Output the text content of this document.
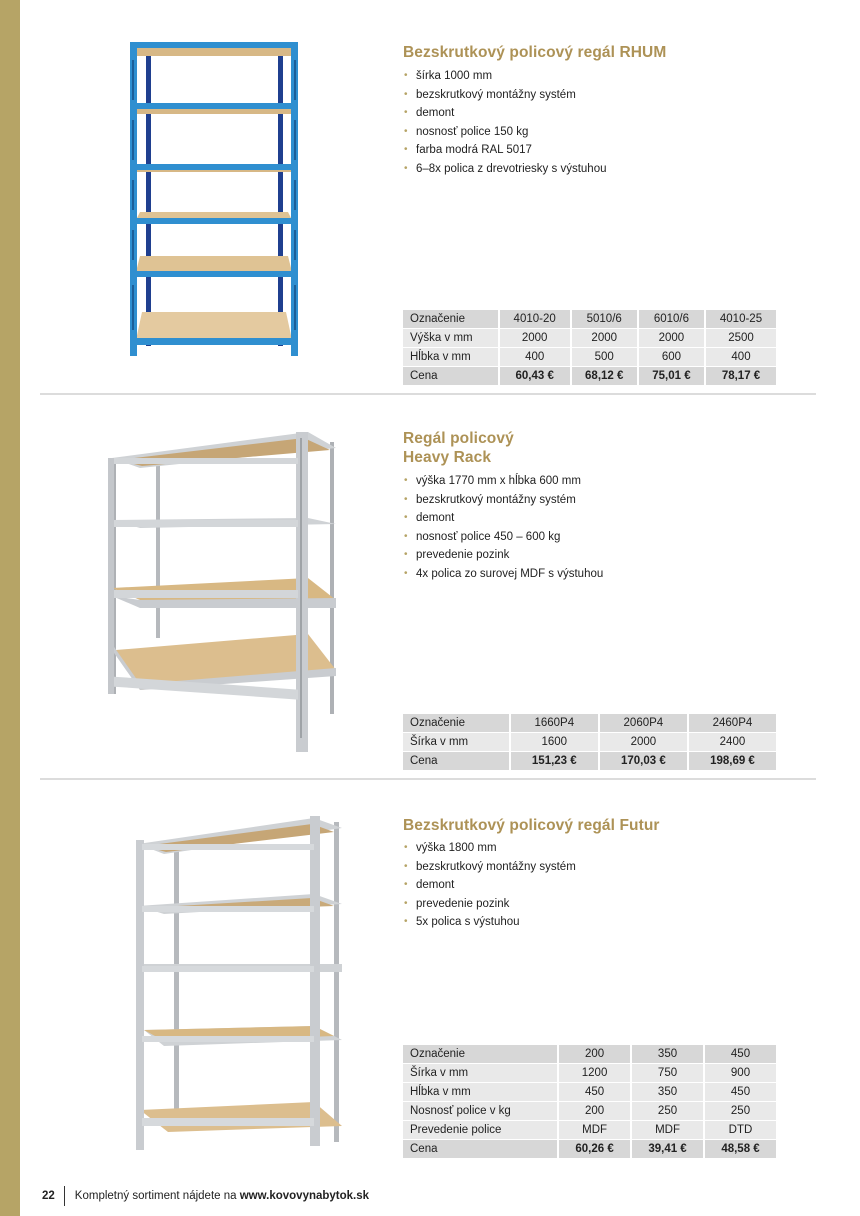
Bezskrutkový policový regál RHUM
• šírka 1000 mm
• bezskrutkový montážny systém
• demont
• nosnosť police 150 kg
• farba modrá RAL 5017
• 6–8x polica z drevotriesky s výstuhou
Označenie	4010-20	5010/6	6010/6	4010-25
Výška v mm	2000	2000	2000	2500
Hĺbka v mm	400	500	600	400
Cena	60,43 €	68,12 €	75,01 €	78,17 €
Regál policový
Heavy Rack
• výška 1770 mm x hĺbka 600 mm
• bezskrutkový montážny systém
• demont
• nosnosť police 450 – 600 kg
• prevedenie pozink
• 4x polica zo surovej MDF s výstuhou
Označenie	1660P4	2060P4	2460P4
Šírka v mm	1600	2000	2400
Cena	151,23 €	170,03 €	198,69 €
Bezskrutkový policový regál Futur
• výška 1800 mm
• bezskrutkový montážny systém
• demont
• prevedenie pozink
• 5x polica s výstuhou
Označenie	200	350	450
Šírka v mm	1200	750	900
Hĺbka v mm	450	350	450
Nosnosť police v kg	200	250	250
Prevedenie police	MDF	MDF	DTD
Cena	60,26 €	39,41 €	48,58 €
22	Kompletný sortiment nájdete na
www.kovovynabytok.sk
